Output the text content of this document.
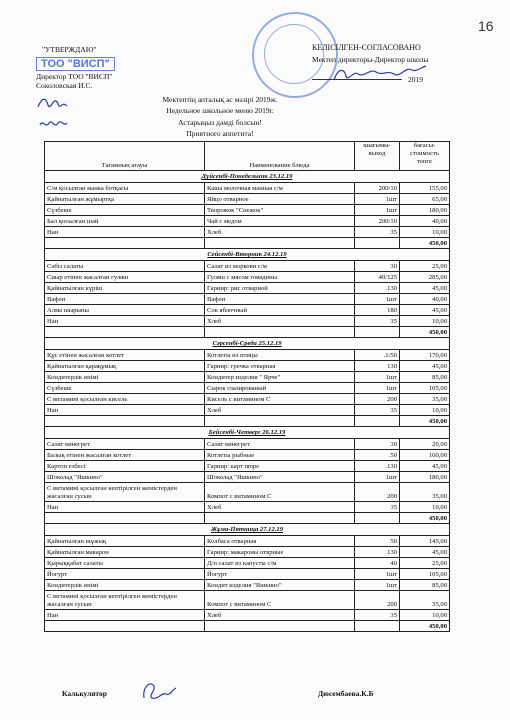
16
"УТВЕРЖДАЮ"
ТОО "ВИСП"
Директор ТОО "ВИСП"
Соколовская И.С.
КЕЛІСІЛГЕН-СОГЛАСОВАНО
Мектеп директоры-Директор школы
2019
Мектептің апталық ас мәзірі 2019ж.
Недельное школьное меню 2019г.
Астарыңыз дәмді болсын!
Приятного аппетита!
Тағамның атауы	Наименование блюда	шығымы-выход	бағасы-стоимость тенге
Дүйсенбі-Понедельник 23.12.19			
С/м қосылған манка ботқасы	Каша молочная манная с/м	200/10	155,00
Қайнатылған жұмыртқа	Яйцо отварное	1шт	65,00
Сүзбеше	Творожок "Снежок"	1шт	180,00
Бал қосылған шәй	Чай с медом	200/10	40,00
Нан	Хлеб	35	10,00
			450,00
Сейсенбі-Вторник 24.12.19			
Сәбіз салаты	Салат из моркови с/м	30	25,00
Сиыр етінен жасалған гуляш	Гуляш с мясом говядины	40/125	285,00
Қайнатылған күріш	Гарнир: рис отварной	.130	45,00
Вафли	Вафли	1шт	40,00
Алма шырыны	Сок яблочный	180	45,00
Нан	Хлеб	35	10,00
			450,00
Сәрсенбі-Среда 25.12.19			
Құс етінен жасалған котлет	Котлеты из птицы	.1/50	170,00
Қайнатылған қарақұмық	Гарнир: гречка отварная	130	45,00
Кондитерлік өнімі	Кондитер изделия " Ярче"	1шт	85,00
Сүзбеше	Сырок глазированый	1шт	105,00
С витамині қосылған кисель	Кисель с витамином С	200	35,00
Нан	Хлеб	35	10,00
			450,00
Бейсенбі-Четверг 26.12.19			
Салат винегрет	Салат винегрет	30	20,00
Балық етінен жасалған котлет	Котлеты рыбные	.50	160,00
Картоп езбесі	Гарнир: карт пюре	.130	45,00
Шоколад "Яшкино"	Шоколад "Яшкино"	1шт	180,00
С витамині қосылған кептірілген жемістерден жасалған сусын	Компот с витамином С	200	35,00
Нан	Хлеб	35	10,00
			450,00
Жұма-Пятница 27.12.19			
Қайнатылған шұжық	Колбаса отварная	50	145,00
Қайнатылған макарон	Гарнир: макароны отврные	130	45,00
Қырыққабат салаты	Д/п салат из капусты с/м	40	25,00
Йогурт	Йогурт	1шт	105,00
Кондитерлік өнімі	Кондит изделия "Яшкино"	1шт	85,00
С витамині қосылған кептірілген жемістерден жасалған сусын	Компот с витамином С	200	35,00
Нан	Хлеб	35	10,00
			450,00
Калькулятор	Дюсембаева.К.Б
